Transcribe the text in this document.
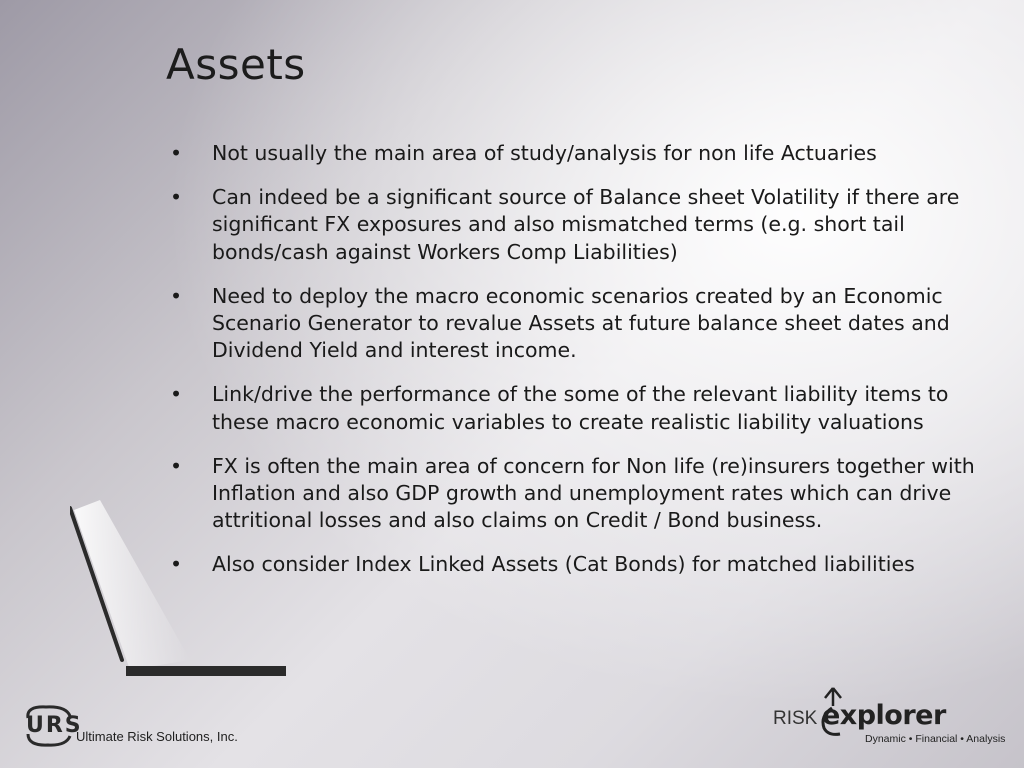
Assets
•	Not usually the main area of study/analysis for non life Actuaries
•	Can indeed be a significant source of Balance sheet Volatility if there are significant FX exposures and also mismatched terms (e.g. short tail bonds/cash against Workers Comp Liabilities)
•	Need to deploy the macro economic scenarios created by an Economic Scenario Generator to revalue Assets at future balance sheet dates and Dividend Yield and interest income.
•	Link/drive the performance of the some of the relevant liability items to these macro economic variables to create realistic liability valuations
•	FX is often the main area of concern for Non life (re)insurers together with Inflation and also GDP growth and unemployment rates which can drive attritional losses and also claims on Credit / Bond business.
•	Also consider Index Linked Assets (Cat Bonds) for matched liabilities
URS
Ultimate Risk Solutions, Inc.
RISK explorer
Dynamic • Financial • Analysis
